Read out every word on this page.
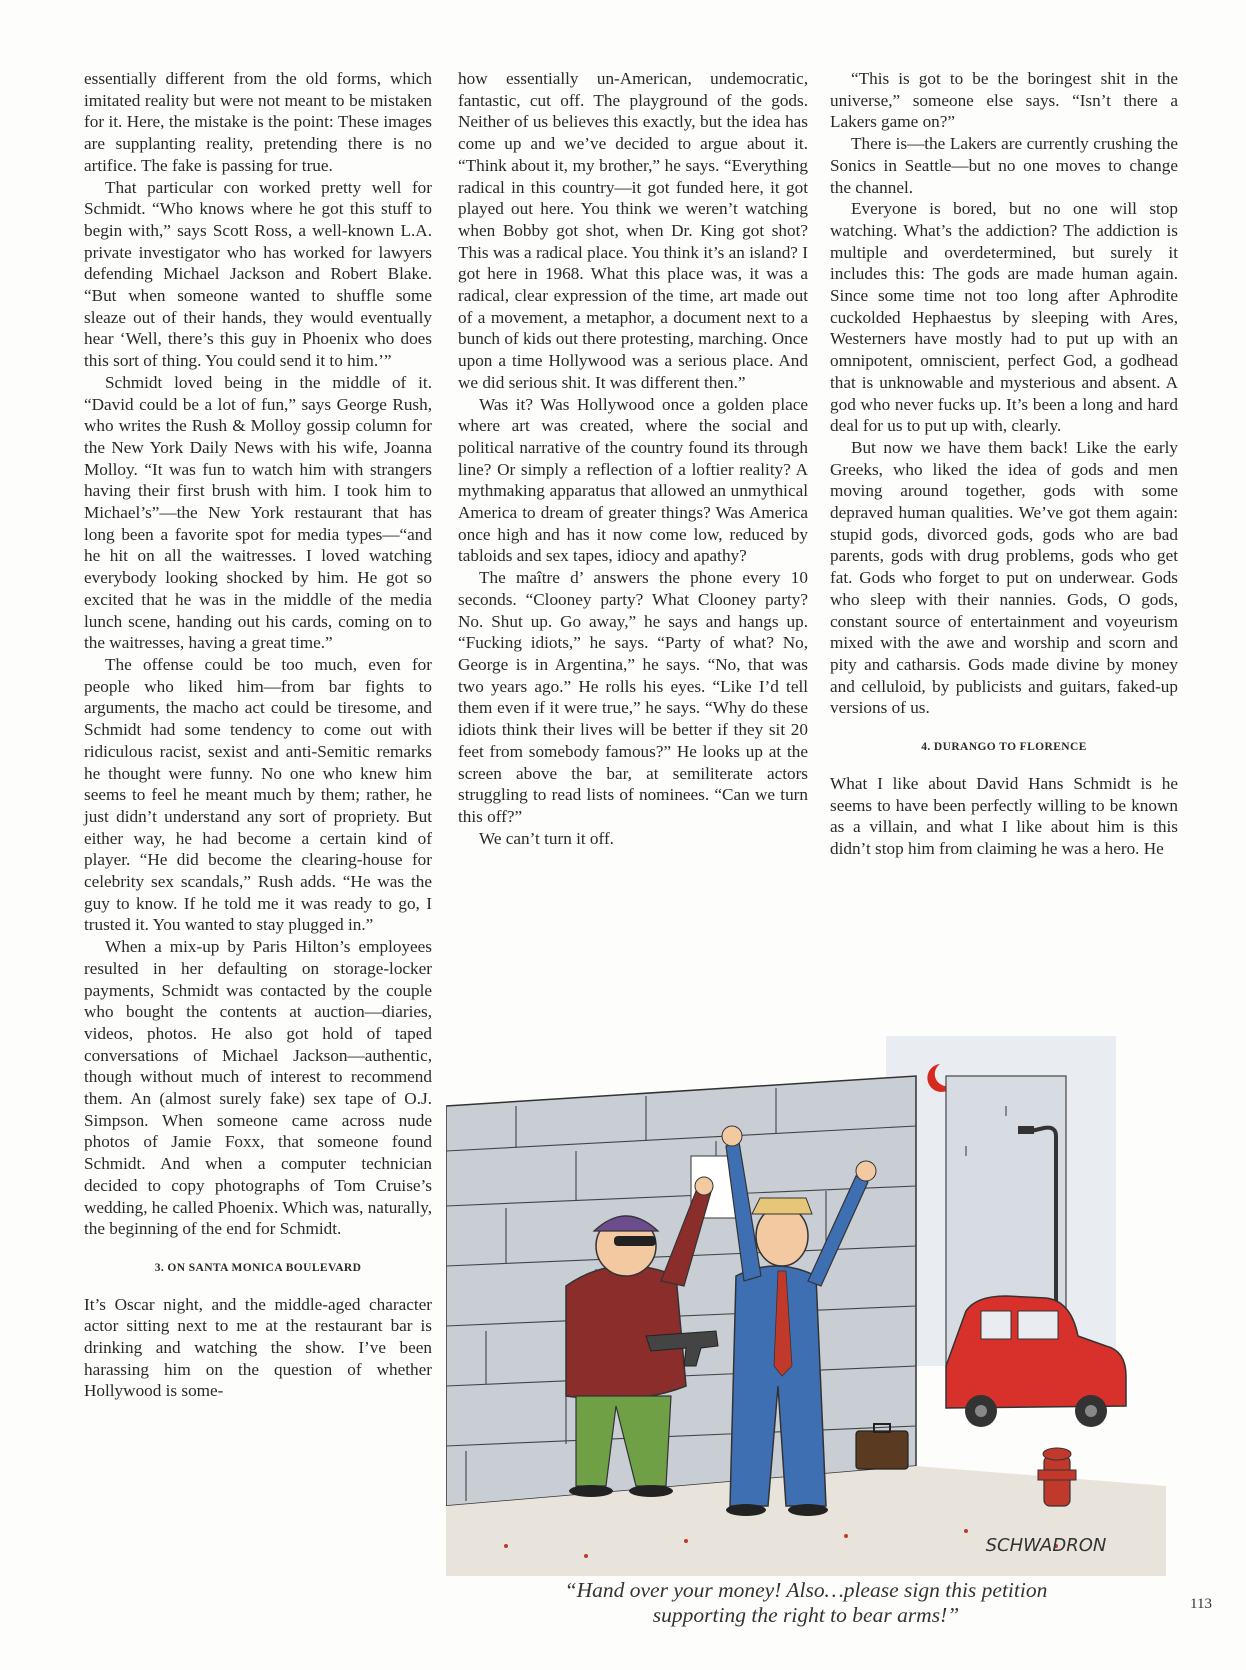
essentially different from the old forms, which imitated reality but were not meant to be mistaken for it. Here, the mistake is the point: These images are supplanting reality, pretending there is no artifice. The fake is passing for true.

That particular con worked pretty well for Schmidt. “Who knows where he got this stuff to begin with,” says Scott Ross, a well-known L.A. private investigator who has worked for lawyers defending Michael Jackson and Robert Blake. “But when someone wanted to shuffle some sleaze out of their hands, they would eventually hear ‘Well, there’s this guy in Phoenix who does this sort of thing. You could send it to him.’”

Schmidt loved being in the middle of it. “David could be a lot of fun,” says George Rush, who writes the Rush & Molloy gossip column for the New York Daily News with his wife, Joanna Molloy. “It was fun to watch him with strangers having their first brush with him. I took him to Michael’s”—the New York restaurant that has long been a favorite spot for media types—“and he hit on all the waitresses. I loved watching everybody looking shocked by him. He got so excited that he was in the middle of the media lunch scene, handing out his cards, coming on to the waitresses, having a great time.”

The offense could be too much, even for people who liked him—from bar fights to arguments, the macho act could be tiresome, and Schmidt had some tendency to come out with ridiculous racist, sexist and anti-Semitic remarks he thought were funny. No one who knew him seems to feel he meant much by them; rather, he just didn’t understand any sort of propriety. But either way, he had become a certain kind of player. “He did become the clearing-house for celebrity sex scandals,” Rush adds. “He was the guy to know. If he told me it was ready to go, I trusted it. You wanted to stay plugged in.”

When a mix-up by Paris Hilton’s employees resulted in her defaulting on storage-locker payments, Schmidt was contacted by the couple who bought the contents at auction—diaries, videos, photos. He also got hold of taped conversations of Michael Jackson—authentic, though without much of interest to recommend them. An (almost surely fake) sex tape of O.J. Simpson. When someone came across nude photos of Jamie Foxx, that someone found Schmidt. And when a computer technician decided to copy photographs of Tom Cruise’s wedding, he called Phoenix. Which was, naturally, the beginning of the end for Schmidt.

3. ON SANTA MONICA BOULEVARD

It’s Oscar night, and the middle-aged character actor sitting next to me at the restaurant bar is drinking and watching the show. I’ve been harassing him on the question of whether Hollywood is some-

how essentially un-American, undemocratic, fantastic, cut off. The playground of the gods. Neither of us believes this exactly, but the idea has come up and we’ve decided to argue about it. “Think about it, my brother,” he says. “Everything radical in this country—it got funded here, it got played out here. You think we weren’t watching when Bobby got shot, when Dr. King got shot? This was a radical place. You think it’s an island? I got here in 1968. What this place was, it was a radical, clear expression of the time, art made out of a movement, a metaphor, a document next to a bunch of kids out there protesting, marching. Once upon a time Hollywood was a serious place. And we did serious shit. It was different then.”

Was it? Was Hollywood once a golden place where art was created, where the social and political narrative of the country found its through line? Or simply a reflection of a loftier reality? A mythmaking apparatus that allowed an unmythical America to dream of greater things? Was America once high and has it now come low, reduced by tabloids and sex tapes, idiocy and apathy?

The maître d’ answers the phone every 10 seconds. “Clooney party? What Clooney party? No. Shut up. Go away,” he says and hangs up. “Fucking idiots,” he says. “Party of what? No, George is in Argentina,” he says. “No, that was two years ago.” He rolls his eyes. “Like I’d tell them even if it were true,” he says. “Why do these idiots think their lives will be better if they sit 20 feet from somebody famous?” He looks up at the screen above the bar, at semiliterate actors struggling to read lists of nominees. “Can we turn this off?”

We can’t turn it off.

“This is got to be the boringest shit in the universe,” someone else says. “Isn’t there a Lakers game on?”

There is—the Lakers are currently crushing the Sonics in Seattle—but no one moves to change the channel.

Everyone is bored, but no one will stop watching. What’s the addiction? The addiction is multiple and overdetermined, but surely it includes this: The gods are made human again. Since some time not too long after Aphrodite cuckolded Hephaestus by sleeping with Ares, Westerners have mostly had to put up with an omnipotent, omniscient, perfect God, a godhead that is unknowable and mysterious and absent. A god who never fucks up. It’s been a long and hard deal for us to put up with, clearly.

But now we have them back! Like the early Greeks, who liked the idea of gods and men moving around together, gods with some depraved human qualities. We’ve got them again: stupid gods, divorced gods, gods who are bad parents, gods with drug problems, gods who get fat. Gods who forget to put on underwear. Gods who sleep with their nannies. Gods, O gods, constant source of entertainment and voyeurism mixed with the awe and worship and scorn and pity and catharsis. Gods made divine by money and celluloid, by publicists and guitars, faked-up versions of us.

4. DURANGO TO FLORENCE

What I like about David Hans Schmidt is he seems to have been perfectly willing to be known as a villain, and what I like about him is this didn’t stop him from claiming he was a hero. He

SCHWADRON
“Hand over your money! Also…please sign this petition
supporting the right to bear arms!”	113
